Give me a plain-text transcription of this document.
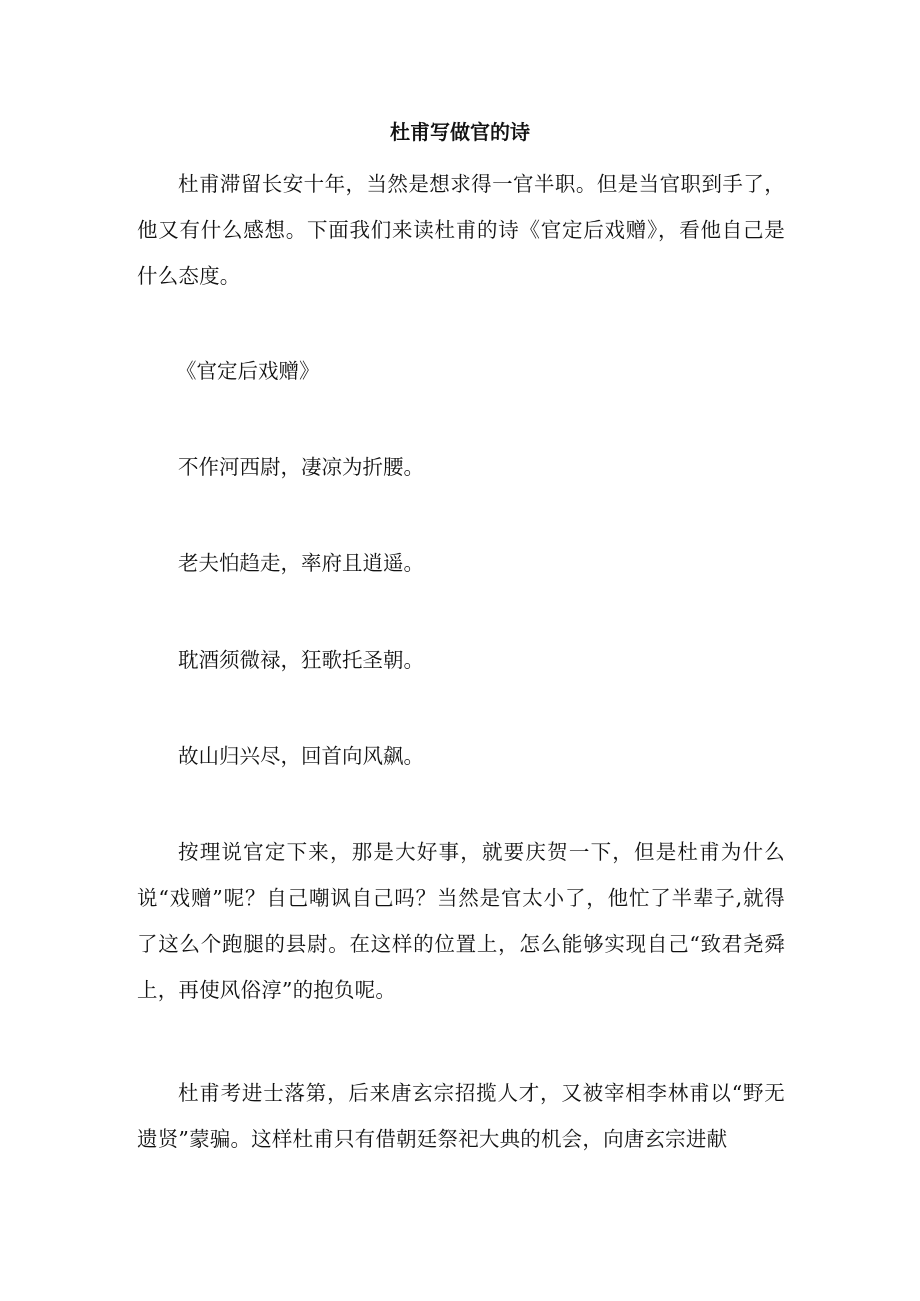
杜甫写做官的诗

杜甫滞留长安十年，当然是想求得一官半职。但是当官职到手了，他又有什么感想。下面我们来读杜甫的诗《官定后戏赠》，看他自己是什么态度。

《官定后戏赠》

不作河西尉，凄凉为折腰。

老夫怕趋走，率府且逍遥。

耽酒须微禄，狂歌托圣朝。

故山归兴尽，回首向风飙。

按理说官定下来，那是大好事，就要庆贺一下，但是杜甫为什么说“戏赠”呢？自己嘲讽自己吗？当然是官太小了，他忙了半辈子,就得了这么个跑腿的县尉。在这样的位置上，怎么能够实现自己“致君尧舜上，再使风俗淳”的抱负呢。

杜甫考进士落第，后来唐玄宗招揽人才，又被宰相李林甫以“野无遗贤”蒙骗。这样杜甫只有借朝廷祭祀大典的机会，向唐玄宗进献
